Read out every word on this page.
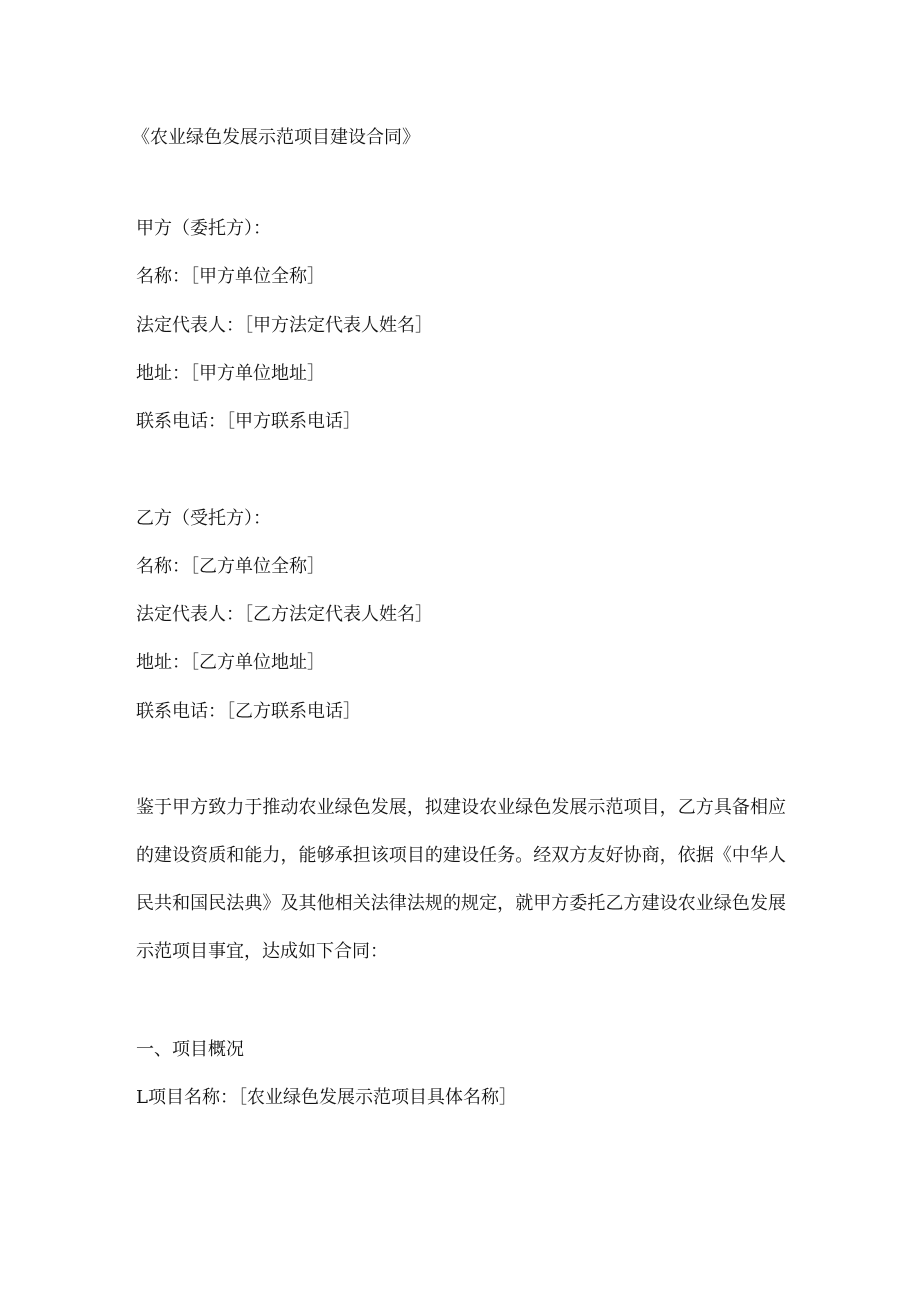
《农业绿色发展示范项目建设合同》
甲方（委托方）：
名称：［甲方单位全称］
法定代表人：［甲方法定代表人姓名］
地址：［甲方单位地址］
联系电话：［甲方联系电话］
乙方（受托方）：
名称：［乙方单位全称］
法定代表人：［乙方法定代表人姓名］
地址：［乙方单位地址］
联系电话：［乙方联系电话］
鉴于甲方致力于推动农业绿色发展，拟建设农业绿色发展示范项目，乙方具备相应的建设资质和能力，能够承担该项目的建设任务。经双方友好协商，依据《中华人民共和国民法典》及其他相关法律法规的规定，就甲方委托乙方建设农业绿色发展示范项目事宜，达成如下合同：
一、项目概况
L项目名称：［农业绿色发展示范项目具体名称］
